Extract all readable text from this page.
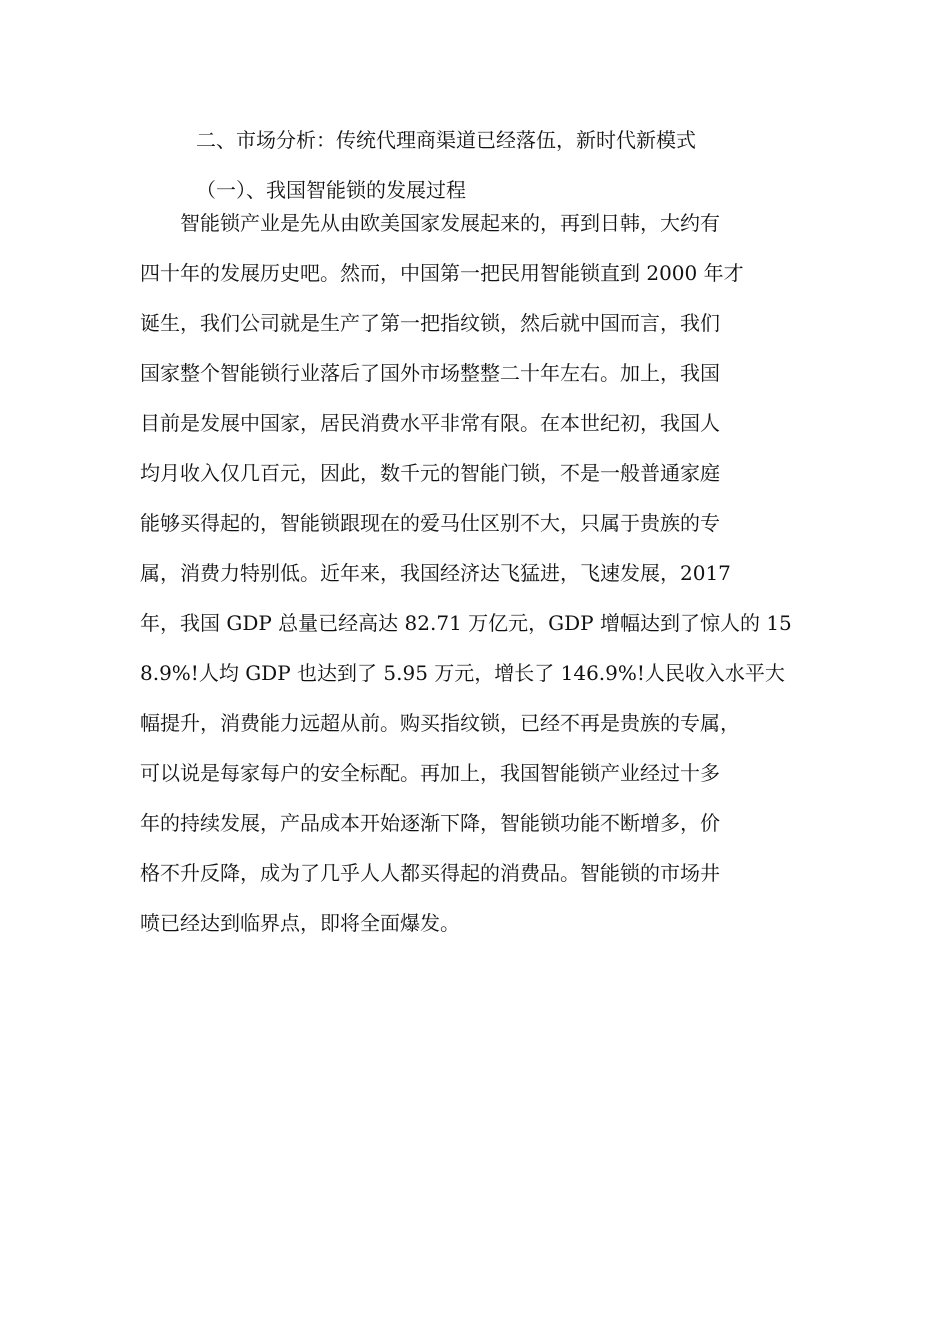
二、市场分析：传统代理商渠道已经落伍，新时代新模式
（一）、我国智能锁的发展过程
　　智能锁产业是先从由欧美国家发展起来的，再到日韩，大约有
四十年的发展历史吧。然而，中国第一把民用智能锁直到 2000 年才
诞生，我们公司就是生产了第一把指纹锁，然后就中国而言，我们
国家整个智能锁行业落后了国外市场整整二十年左右。加上，我国
目前是发展中国家，居民消费水平非常有限。在本世纪初，我国人
均月收入仅几百元，因此，数千元的智能门锁，不是一般普通家庭
能够买得起的，智能锁跟现在的爱马仕区别不大，只属于贵族的专
属，消费力特别低。近年来，我国经济达飞猛进，飞速发展，2017
年，我国 GDP 总量已经高达 82.71 万亿元，GDP 增幅达到了惊人的 15
8.9%!人均 GDP 也达到了 5.95 万元，增长了 146.9%!人民收入水平大
幅提升，消费能力远超从前。购买指纹锁，已经不再是贵族的专属，
可以说是每家每户的安全标配。再加上，我国智能锁产业经过十多
年的持续发展，产品成本开始逐渐下降，智能锁功能不断增多，价
格不升反降，成为了几乎人人都买得起的消费品。智能锁的市场井
喷已经达到临界点，即将全面爆发。
